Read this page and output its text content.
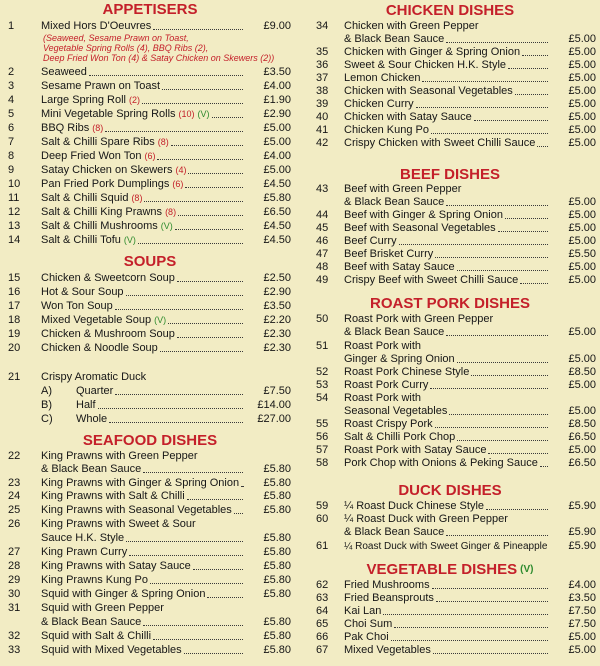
APPETISERS
1	Mixed Hors D'Oeuvres	£9.00
(Seaweed, Sesame Prawn on Toast,
Vegetable Spring Rolls (4), BBQ Ribs (2),
Deep Fried Won Ton (4) & Satay Chicken on Skewers (2))
2	Seaweed	£3.50
3	Sesame Prawn on Toast	£4.00
4	Large Spring Roll (2)	£1.90
5	Mini Vegetable Spring Rolls (10) (V)	£2.90
6	BBQ Ribs (8)	£5.00
7	Salt & Chilli Spare Ribs (8)	£5.00
8	Deep Fried Won Ton (6)	£4.00
9	Satay Chicken on Skewers (4)	£5.00
10	Pan Fried Pork Dumplings (6)	£4.50
11	Salt & Chilli Squid (8)	£5.80
12	Salt & Chilli King Prawns (8)	£6.50
13	Salt & Chilli Mushrooms (V)	£4.50
14	Salt & Chilli Tofu (V)	£4.50
SOUPS
15	Chicken & Sweetcorn Soup	£2.50
16	Hot & Sour Soup	£2.90
17	Won Ton Soup	£3.50
18	Mixed Vegetable Soup (V)	£2.20
19	Chicken & Mushroom Soup	£2.30
20	Chicken & Noodle Soup	£2.30
21	Crispy Aromatic Duck
A)	Quarter	£7.50
B)	Half	£14.00
C)	Whole	£27.00
SEAFOOD DISHES
22	King Prawns with Green Pepper
& Black Bean Sauce	£5.80
23	King Prawns with Ginger & Spring Onion	£5.80
24	King Prawns with Salt & Chilli	£5.80
25	King Prawns with Seasonal Vegetables	£5.80
26	King Prawns with Sweet & Sour
Sauce H.K. Style	£5.80
27	King Prawn Curry	£5.80
28	King Prawns with Satay Sauce	£5.80
29	King Prawns Kung Po	£5.80
30	Squid with Ginger & Spring Onion	£5.80
31	Squid with Green Pepper
& Black Bean Sauce	£5.80
32	Squid with Salt & Chilli	£5.80
33	Squid with Mixed Vegetables	£5.80
CHICKEN DISHES
34	Chicken with Green Pepper
& Black Bean Sauce	£5.00
35	Chicken with Ginger & Spring Onion	£5.00
36	Sweet & Sour Chicken H.K. Style	£5.00
37	Lemon Chicken	£5.00
38	Chicken with Seasonal Vegetables	£5.00
39	Chicken Curry	£5.00
40	Chicken with Satay Sauce	£5.00
41	Chicken Kung Po	£5.00
42	Crispy Chicken with Sweet Chilli Sauce	£5.00
BEEF DISHES
43	Beef with Green Pepper
& Black Bean Sauce	£5.00
44	Beef with Ginger & Spring Onion	£5.00
45	Beef with Seasonal Vegetables	£5.00
46	Beef Curry	£5.00
47	Beef Brisket Curry	£5.50
48	Beef with Satay Sauce	£5.00
49	Crispy Beef with Sweet Chilli Sauce	£5.00
ROAST PORK DISHES
50	Roast Pork with Green Pepper
& Black Bean Sauce	£5.00
51	Roast Pork with
Ginger & Spring Onion	£5.00
52	Roast Pork Chinese Style	£8.50
53	Roast Pork Curry	£5.00
54	Roast Pork with
Seasonal Vegetables	£5.00
55	Roast Crispy Pork	£8.50
56	Salt & Chilli Pork Chop	£6.50
57	Roast Pork with Satay Sauce	£5.00
58	Pork Chop with Onions & Peking Sauce	£6.50
DUCK DISHES
59	¼ Roast Duck Chinese Style	£5.90
60	¼ Roast Duck with Green Pepper
& Black Bean Sauce	£5.90
61	¼ Roast Duck with Sweet Ginger & Pineapple	£5.90
VEGETABLE DISHES (V)
62	Fried Mushrooms	£4.00
63	Fried Beansprouts	£3.50
64	Kai Lan	£7.50
65	Choi Sum	£7.50
66	Pak Choi	£5.00
67	Mixed Vegetables	£5.00
